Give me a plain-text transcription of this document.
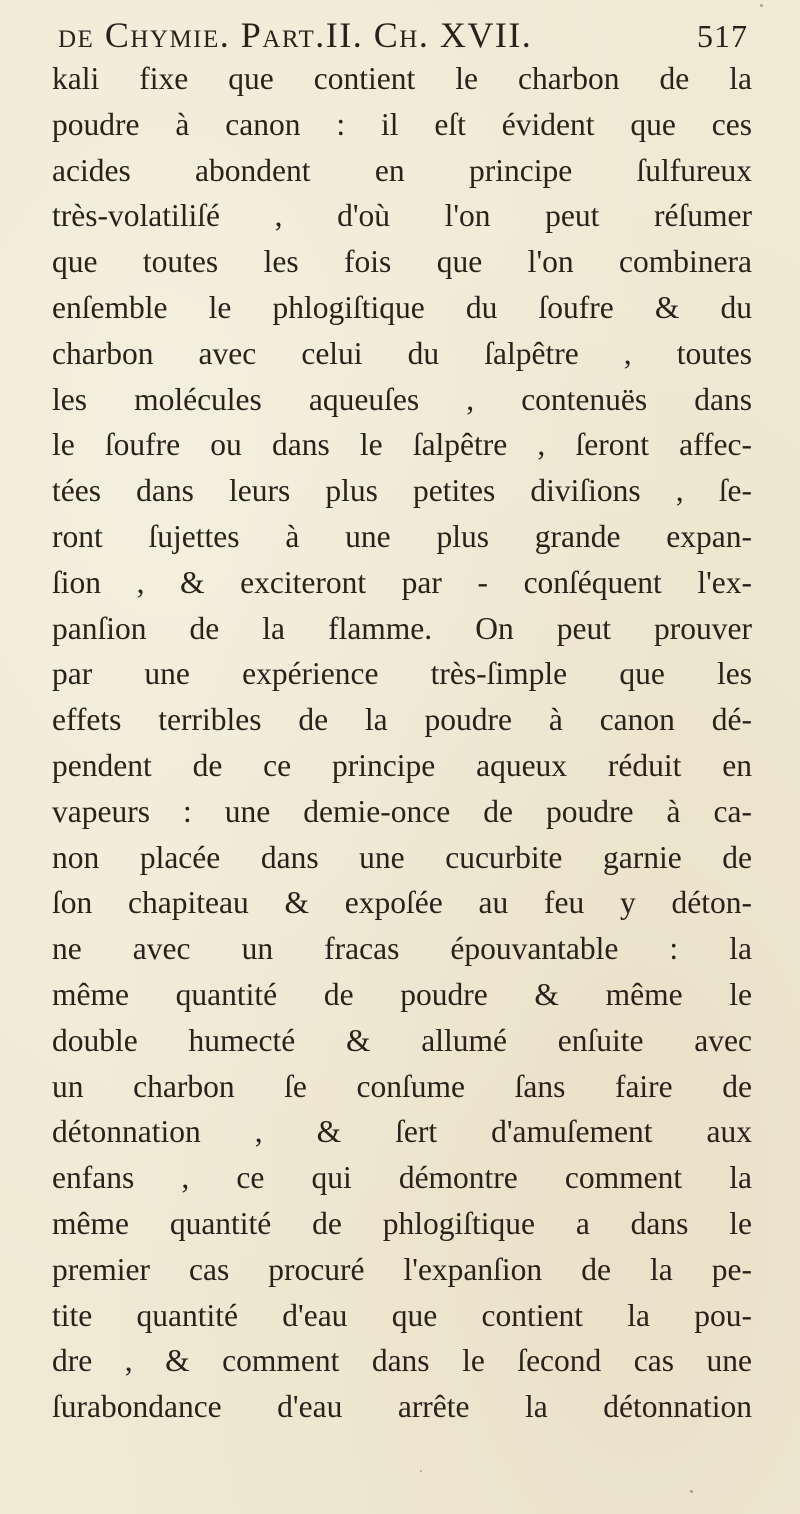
de Chymie. Part.II. Ch. XVII.	517
kali fixe que contient le charbon de la
poudre à canon : il eſt évident que ces
acides abondent en principe ſulfureux
très-volatiliſé , d'où l'on peut réſumer
que toutes les fois que l'on combinera
enſemble le phlogiſtique du ſoufre & du
charbon avec celui du ſalpêtre , toutes
les molécules aqueuſes , contenuës dans
le ſoufre ou dans le ſalpêtre , ſeront affec-
tées dans leurs plus petites diviſions , ſe-
ront ſujettes à une plus grande expan-
ſion , & exciteront par - conſéquent l'ex-
panſion de la flamme. On peut prouver
par une expérience très-ſimple que les
effets terribles de la poudre à canon dé-
pendent de ce principe aqueux réduit en
vapeurs : une demie-once de poudre à ca-
non placée dans une cucurbite garnie de
ſon chapiteau & expoſée au feu y déton-
ne avec un fracas épouvantable : la
même quantité de poudre & même le
double humecté & allumé enſuite avec
un charbon ſe conſume ſans faire de
détonnation , & ſert d'amuſement aux
enfans , ce qui démontre comment la
même quantité de phlogiſtique a dans le
premier cas procuré l'expanſion de la pe-
tite quantité d'eau que contient la pou-
dre , & comment dans le ſecond cas une
ſurabondance d'eau arrête la détonnation
